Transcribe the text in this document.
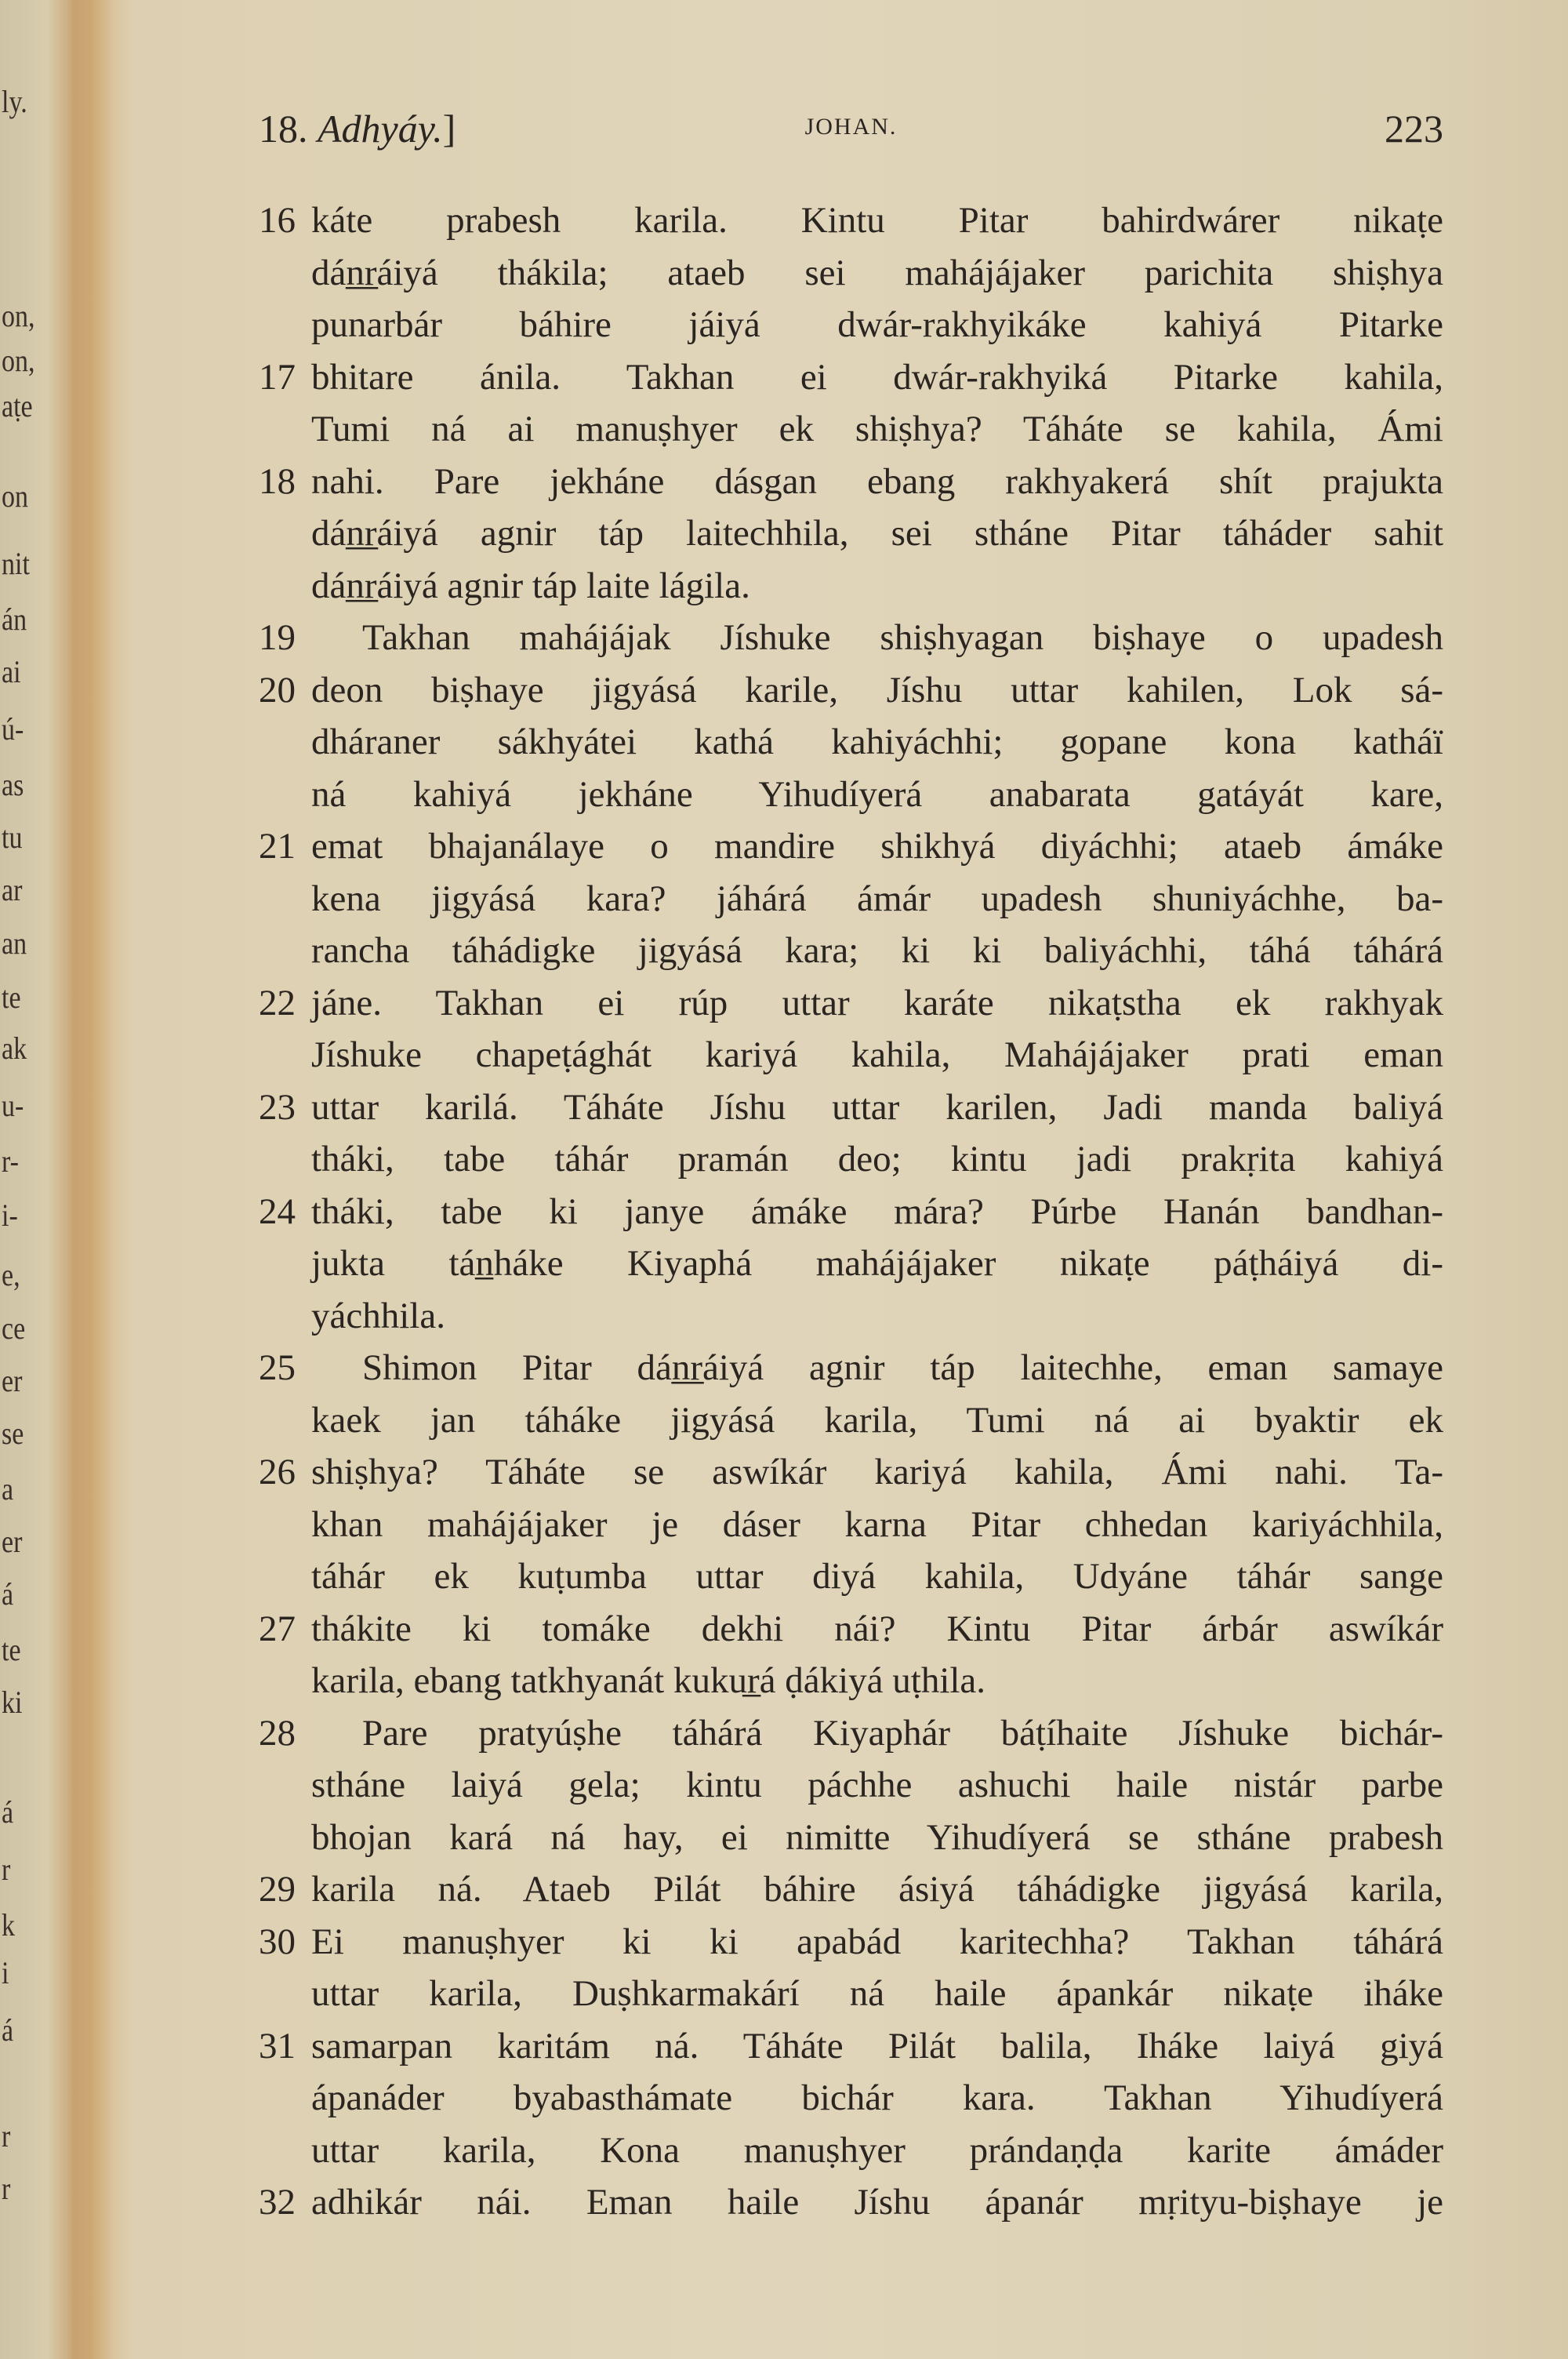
ly.
on,
on,
aṭe
on
nit
án
ai
ú-
as
tu
ar
an
te
ak
u-
r-
i-
e,
ce
er
se
a
er
á
te
ki
á
r
k
i
á
r
r
18. Adhyáy.]	JOHAN.	223
16 káte prabesh karila. Kintu Pitar bahirdwárer nikaṭe
dán̲r̲áiyá thákila; ataeb sei mahájájaker parichita shiṣhya
punarbár báhire jáiyá dwár-rakhyikáke kahiyá Pitarke
17 bhitare ánila. Takhan ei dwár-rakhyiká Pitarke kahila,
Tumi ná ai manuṣhyer ek shiṣhya? Táháte se kahila, Ámi
18 nahi. Pare jekháne dásgan ebang rakhyakerá shít prajukta
dán̲r̲áiyá agnir táp laitechhila, sei stháne Pitar táháder sahit
dán̲r̲áiyá agnir táp laite lágila.
19 Takhan mahájájak Jíshuke shiṣhyagan biṣhaye o upadesh
20 deon biṣhaye jigyásá karile, Jíshu uttar kahilen, Lok sá-
dháraner sákhyátei kathá kahiyáchhi; gopane kona katháï
ná kahiyá jekháne Yihudíyerá anabarata gatáyát kare,
21 emat bhajanálaye o mandire shikhyá diyáchhi; ataeb ámáke
kena jigyásá kara? jáhárá ámár upadesh shuniyáchhe, ba-
rancha táhádigke jigyásá kara; ki ki baliyáchhi, táhá táhárá
22 jáne. Takhan ei rúp uttar karáte nikaṭstha ek rakhyak
Jíshuke chapeṭághát kariyá kahila, Mahájájaker prati eman
23 uttar karilá. Táháte Jíshu uttar karilen, Jadi manda baliyá
tháki, tabe táhár pramán deo; kintu jadi prakṛita kahiyá
24 tháki, tabe ki janye ámáke mára? Púrbe Hanán bandhan-
jukta tán̲háke Kiyaphá mahájájaker nikaṭe páṭháiyá di-
yáchhila.
25 Shimon Pitar dán̲r̲áiyá agnir táp laitechhe, eman samaye
kaek jan táháke jigyásá karila, Tumi ná ai byaktir ek
26 shiṣhya? Táháte se aswíkár kariyá kahila, Ámi nahi. Ta-
khan mahájájaker je dáser karna Pitar chhedan kariyáchhila,
táhár ek kuṭumba uttar diyá kahila, Udyáne táhár sange
27 thákite ki tomáke dekhi nái? Kintu Pitar árbár aswíkár
karila, ebang tatkhyanát kukur̲á ḍákiyá uṭhila.
28 Pare pratyúṣhe táhárá Kiyaphár báṭíhaite Jíshuke bichár-
stháne laiyá gela; kintu páchhe ashuchi haile nistár parbe
bhojan kará ná hay, ei nimitte Yihudíyerá se stháne prabesh
29 karila ná. Ataeb Pilát báhire ásiyá táhádigke jigyásá karila,
30 Ei manuṣhyer ki ki apabád karitechha? Takhan táhárá
uttar karila, Duṣhkarmakárí ná haile ápankár nikaṭe iháke
31 samarpan karitám ná. Táháte Pilát balila, Iháke laiyá giyá
ápanáder byabasthámate bichár kara. Takhan Yihudíyerá
uttar karila, Kona manuṣhyer prándaṇḍa karite ámáder
32 adhikár nái. Eman haile Jíshu ápanár mṛityu-biṣhaye je
